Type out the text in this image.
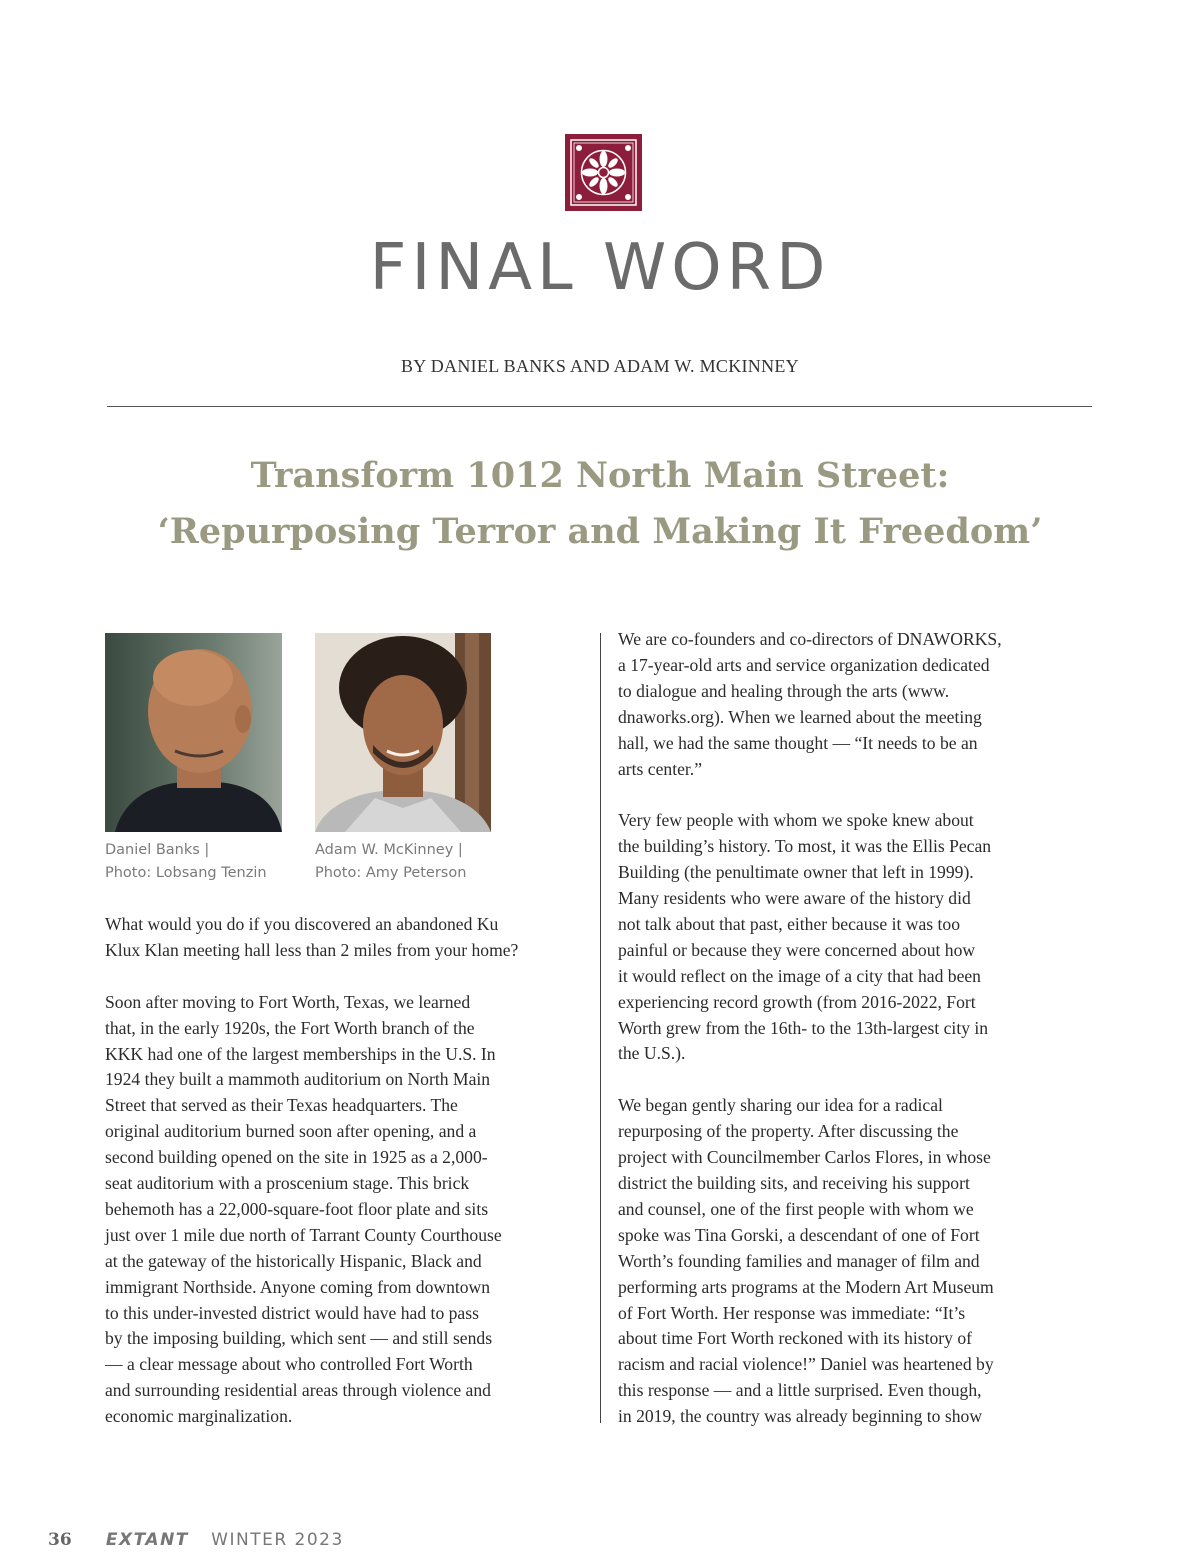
FINAL WORD
BY DANIEL BANKS AND ADAM W. MCKINNEY
Transform 1012 North Main Street:
‘Repurposing Terror and Making It Freedom’
Daniel Banks |
Photo: Lobsang Tenzin
Adam W. McKinney |
Photo: Amy Peterson
What would you do if you discovered an abandoned Ku
Klux Klan meeting hall less than 2 miles from your home?
Soon after moving to Fort Worth, Texas, we learned
that, in the early 1920s, the Fort Worth branch of the
KKK had one of the largest memberships in the U.S. In
1924 they built a mammoth auditorium on North Main
Street that served as their Texas headquarters. The
original auditorium burned soon after opening, and a
second building opened on the site in 1925 as a 2,000-
seat auditorium with a proscenium stage. This brick
behemoth has a 22,000-square-foot floor plate and sits
just over 1 mile due north of Tarrant County Courthouse
at the gateway of the historically Hispanic, Black and
immigrant Northside. Anyone coming from downtown
to this under-invested district would have had to pass
by the imposing building, which sent — and still sends
— a clear message about who controlled Fort Worth
and surrounding residential areas through violence and
economic marginalization.
We are co-founders and co-directors of DNAWORKS,
a 17-year-old arts and service organization dedicated
to dialogue and healing through the arts (www.
dnaworks.org). When we learned about the meeting
hall, we had the same thought — “It needs to be an
arts center.”
Very few people with whom we spoke knew about
the building’s history. To most, it was the Ellis Pecan
Building (the penultimate owner that left in 1999).
Many residents who were aware of the history did
not talk about that past, either because it was too
painful or because they were concerned about how
it would reflect on the image of a city that had been
experiencing record growth (from 2016-2022, Fort
Worth grew from the 16th- to the 13th-largest city in
the U.S.).
We began gently sharing our idea for a radical
repurposing of the property. After discussing the
project with Councilmember Carlos Flores, in whose
district the building sits, and receiving his support
and counsel, one of the first people with whom we
spoke was Tina Gorski, a descendant of one of Fort
Worth’s founding families and manager of film and
performing arts programs at the Modern Art Museum
of Fort Worth. Her response was immediate: “It’s
about time Fort Worth reckoned with its history of
racism and racial violence!” Daniel was heartened by
this response — and a little surprised. Even though,
in 2019, the country was already beginning to show
36 EXTANT WINTER 2023
